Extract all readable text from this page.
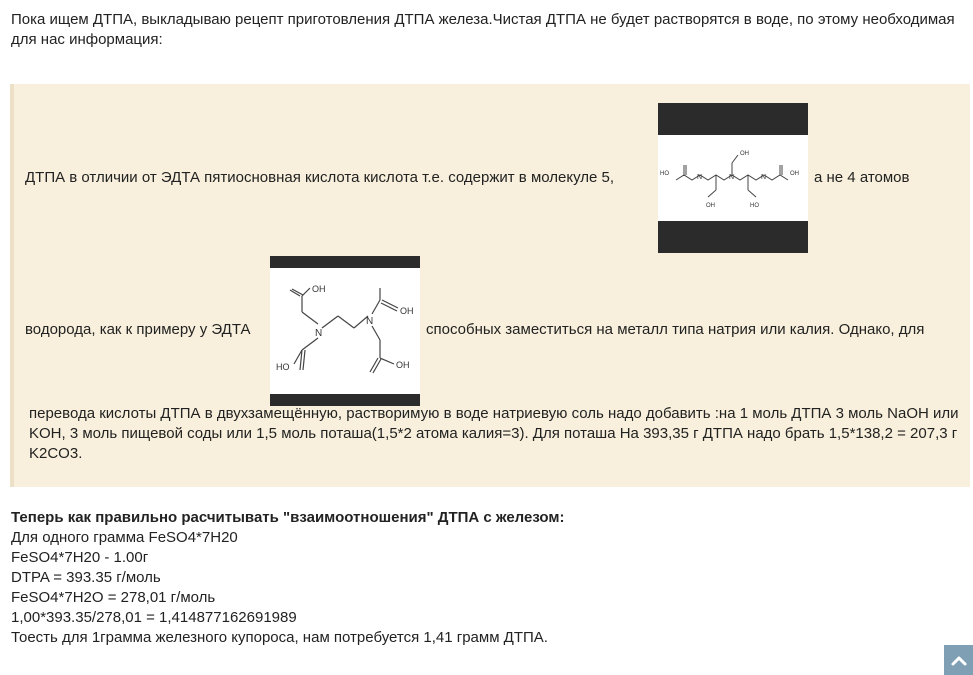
Пока ищем ДТПА, выкладываю рецепт приготовления ДТПА железа.Чистая ДТПА не будет растворятся в воде, по этому необходимая для нас информация:
ДТПА в отличии от ЭДТА пятиосновная кислота кислота т.е. содержит в молекуле 5,	HO	OH
OH
OH	HO
N	N	N	а не 4 атомов
водорода, как к примеру у ЭДТА
OH
OH
HO	OH
N
N	способных заместиться на металл типа натрия или калия. Однако, для
перевода кислоты ДТПА в двухзамещённую, растворимую в воде натриевую соль надо добавить :на 1 моль ДТПА 3 моль NaOH или KOH, 3 моль пищевой соды или 1,5 моль поташа(1,5*2 атома калия=3). Для поташа На 393,35 г ДТПА надо брать 1,5*138,2 = 207,3 г K2CO3.
Теперь как правильно расчитывать "взаимоотношения" ДТПА с железом:
Для одного грамма FeSO4*7H20
FeSO4*7H20 - 1.00г
DTPA = 393.35 г/моль
FeSO4*7H2O = 278,01 г/моль
1,00*393.35/278,01 = 1,414877162691989
Тоесть для 1грамма железного купороса, нам потребуется 1,41 грамм ДТПА.
